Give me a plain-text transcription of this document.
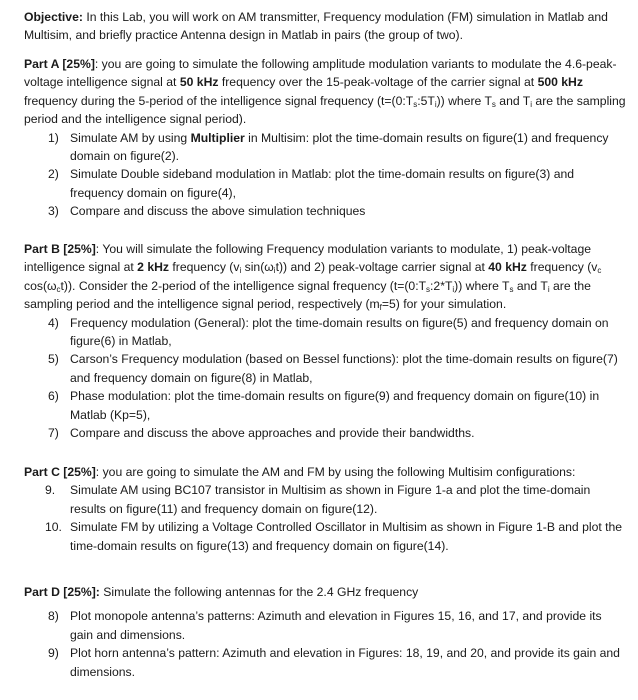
Objective: In this Lab, you will work on AM transmitter, Frequency modulation (FM) simulation in Matlab and Multisim, and briefly practice Antenna design in Matlab in pairs (the group of two).

Part A [25%]: you are going to simulate the following amplitude modulation variants to modulate the 4.6-peak-voltage intelligence signal at 50 kHz frequency over the 15-peak-voltage of the carrier signal at 500 kHz frequency during the 5-period of the intelligence signal frequency $(t=(0:T_s:5T_i))$ where $T_s$ and $T_i$ are the sampling period and the intelligence signal period).

1) Simulate AM by using Multiplier in Multisim: plot the time-domain results on figure(1) and frequency domain on figure(2).
2) Simulate Double sideband modulation in Matlab: plot the time-domain results on figure(3) and frequency domain on figure(4),
3) Compare and discuss the above simulation techniques

Part B [25%]: You will simulate the following Frequency modulation variants to modulate, 1) peak-voltage intelligence signal at 2 kHz frequency ($v_i$ $\sin(\omega_it)$) and 2) peak-voltage carrier signal at 40 kHz frequency ($v_c$ $\cos(\omega_ct)$). Consider the 2-period of the intelligence signal frequency $(t=(0:T_s:2*T_i))$ where $T_s$ and $T_i$ are the sampling period and the intelligence signal period, respectively $(m_f=5)$ for your simulation.

4) Frequency modulation (General): plot the time-domain results on figure(5) and frequency domain on figure(6) in Matlab,
5) Carson’s Frequency modulation (based on Bessel functions): plot the time-domain results on figure(7) and frequency domain on figure(8) in Matlab,
6) Phase modulation: plot the time-domain results on figure(9) and frequency domain on figure(10) in Matlab (Kp=5),
7) Compare and discuss the above approaches and provide their bandwidths.

Part C [25%]: you are going to simulate the AM and FM by using the following Multisim configurations:

9. Simulate AM using BC107 transistor in Multisim as shown in Figure 1-a and plot the time-domain results on figure(11) and frequency domain on figure(12).
10. Simulate FM by utilizing a Voltage Controlled Oscillator in Multisim as shown in Figure 1-B and plot the time-domain results on figure(13) and frequency domain on figure(14).

Part D [25%]: Simulate the following antennas for the 2.4 GHz frequency

8) Plot monopole antenna’s patterns: Azimuth and elevation in Figures 15, 16, and 17, and provide its gain and dimensions.
9) Plot horn antenna’s pattern: Azimuth and elevation in Figures: 18, 19, and 20, and provide its gain and dimensions.
